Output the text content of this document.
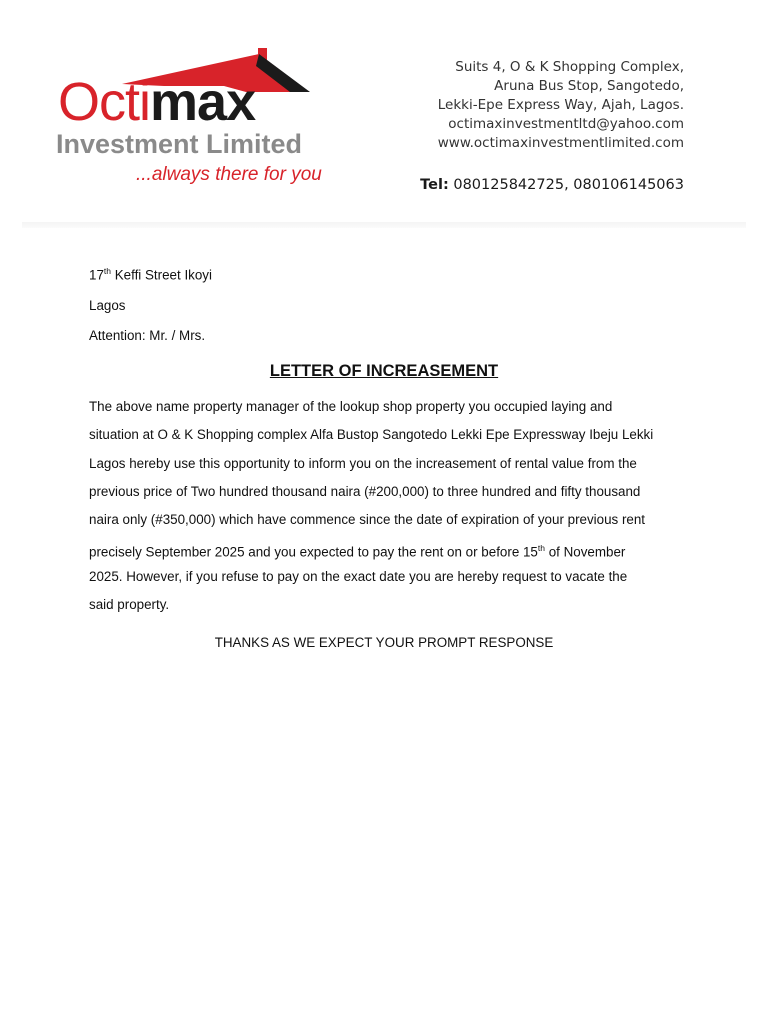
Octimax
Investment Limited
...always there for you
Suits 4, O & K Shopping Complex,
Aruna Bus Stop, Sangotedo,
Lekki-Epe Express Way, Ajah, Lagos.
octimaxinvestmentltd@yahoo.com
www.octimaxinvestmentlimited.com
Tel: 080125842725, 080106145063
17th Keffi Street Ikoyi
Lagos
Attention: Mr. / Mrs.
LETTER OF INCREASEMENT
The above name property manager of the lookup shop property you occupied laying and
situation at O & K Shopping complex Alfa Bustop Sangotedo Lekki Epe Expressway Ibeju Lekki
Lagos hereby use this opportunity to inform you on the increasement of rental value from the
previous price of Two hundred thousand naira (#200,000) to three hundred and fifty thousand
naira only (#350,000) which have commence since the date of expiration of your previous rent
precisely September 2025 and you expected to pay the rent on or before 15th of November
2025. However, if you refuse to pay on the exact date you are hereby request to vacate the
said property.
THANKS AS WE EXPECT YOUR PROMPT RESPONSE
